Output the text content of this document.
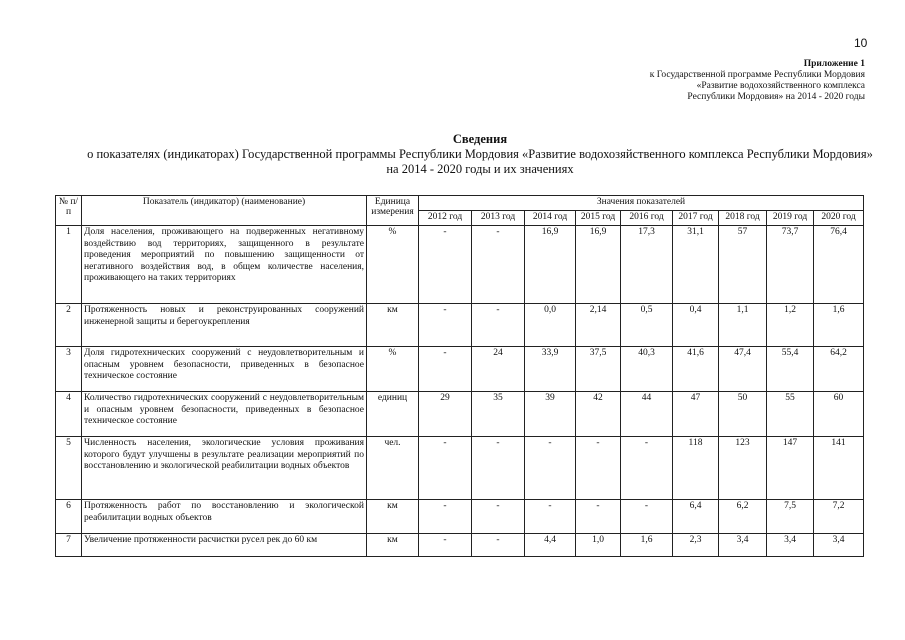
10
Приложение 1
к Государственной программе Республики Мордовия
«Развитие водохозяйственного комплекса
Республики Мордовия» на 2014 - 2020 годы
Сведения
о показателях (индикаторах) Государственной программы Республики Мордовия «Развитие водохозяйственного комплекса Республики Мордовия» на 2014 - 2020 годы и их значениях
№ п/п	Показатель (индикатор) (наименование)	Единица измерения	Значения показателей								
			2012 год	2013 год	2014 год	2015 год	2016 год	2017 год	2018 год	2019 год	2020 год
1	Доля населения, проживающего на подверженных негативному воздействию вод территориях, защищенного в результате проведения мероприятий по повышению защищенности от негативного воздействия вод, в общем количестве населения, проживающего на таких территориях	%	-	-	16,9	16,9	17,3	31,1	57	73,7	76,4
2	Протяженность новых и реконструированных сооружений инженерной защиты и берегоукрепления	км	-	-	0,0	2,14	0,5	0,4	1,1	1,2	1,6
3	Доля гидротехнических сооружений с неудовлетворительным и опасным уровнем безопасности, приведенных в безопасное техническое состояние	%	-	24	33,9	37,5	40,3	41,6	47,4	55,4	64,2
4	Количество гидротехнических сооружений с неудовлетворительным и опасным уровнем безопасности, приведенных в безопасное техническое состояние	единиц	29	35	39	42	44	47	50	55	60
5	Численность населения, экологические условия проживания которого будут улучшены в результате реализации мероприятий по восстановлению и экологической реабилитации водных объектов	чел.	-	-	-	-	-	118	123	147	141
6	Протяженность работ по восстановлению и экологической реабилитации водных объектов	км	-	-	-	-	-	6,4	6,2	7,5	7,2
7	Увеличение протяженности расчистки русел рек до 60 км	км	-	-	4,4	1,0	1,6	2,3	3,4	3,4	3,4
